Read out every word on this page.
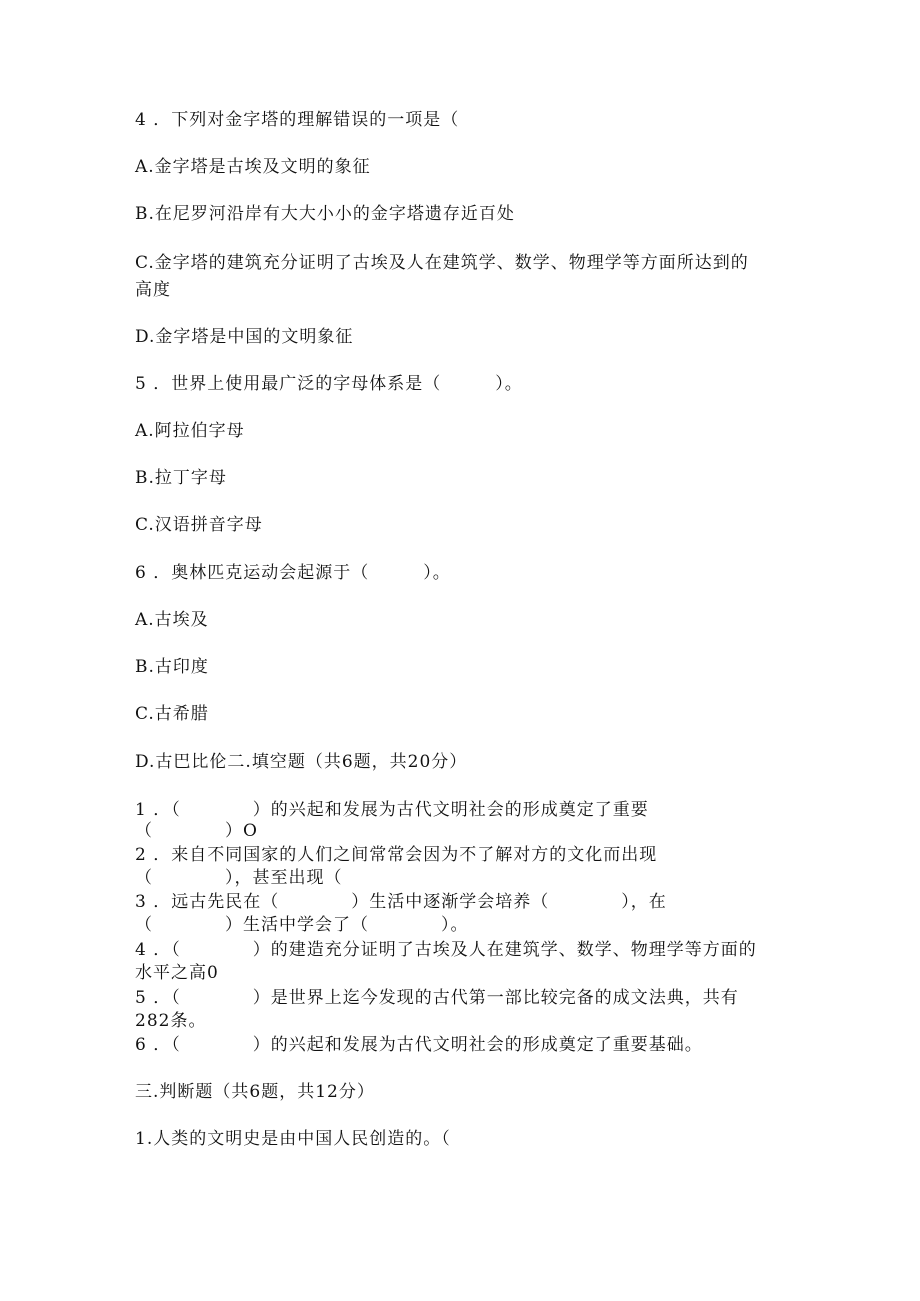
4 ．下列对金字塔的理解错误的一项是（
A.金字塔是古埃及文明的象征
B.在尼罗河沿岸有大大小小的金字塔遗存近百处
C.金字塔的建筑充分证明了古埃及人在建筑学、数学、物理学等方面所达到的
高度
D.金字塔是中国的文明象征
5 ．世界上使用最广泛的字母体系是（　　　）。
A.阿拉伯字母
B.拉丁字母
C.汉语拼音字母
6 ．奥林匹克运动会起源于（　　　）。
A.古埃及
B.古印度
C.古希腊
D.古巴比伦二.填空题（共6题，共20分）
1 ．（　　　　）的兴起和发展为古代文明社会的形成奠定了重要
（　　　　）O
2 ．来自不同国家的人们之间常常会因为不了解对方的文化而出现
（　　　　），甚至出现（
3 ．远古先民在（　　　　）生活中逐渐学会培养（　　　　），在
（　　　　）生活中学会了（　　　　）。
4 ．（　　　　）的建造充分证明了古埃及人在建筑学、数学、物理学等方面的
水平之高0
5 ．（　　　　）是世界上迄今发现的古代第一部比较完备的成文法典，共有
282条。
6 ．（　　　　）的兴起和发展为古代文明社会的形成奠定了重要基础。
三.判断题（共6题，共12分）
1.人类的文明史是由中国人民创造的。（
